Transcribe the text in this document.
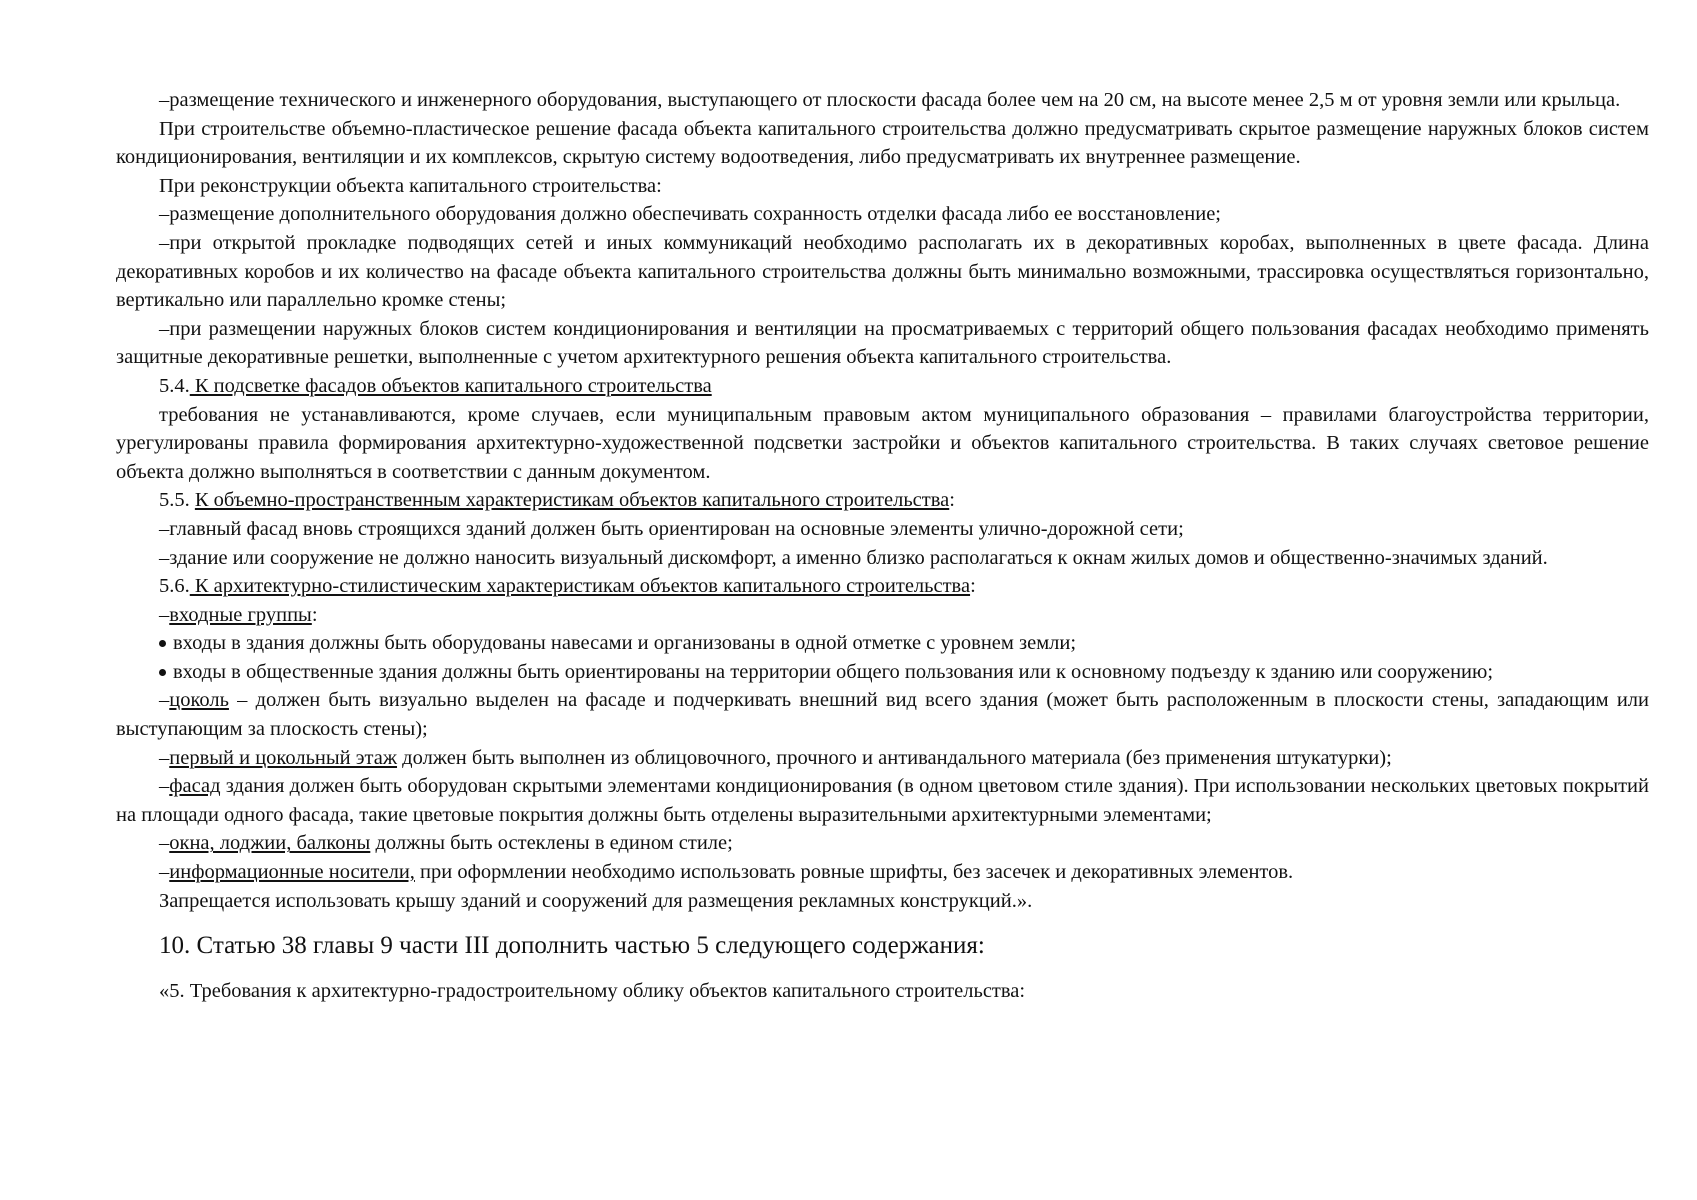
–размещение технического и инженерного оборудования, выступающего от плоскости фасада более чем на 20 см, на высоте менее 2,5 м от уровня земли или крыльца.

При строительстве объемно-пластическое решение фасада объекта капитального строительства должно предусматривать скрытое размещение наружных блоков систем кондиционирования, вентиляции и их комплексов, скрытую систему водоотведения, либо предусматривать их внутреннее размещение.

При реконструкции объекта капитального строительства:

–размещение дополнительного оборудования должно обеспечивать сохранность отделки фасада либо ее восстановление;

–при открытой прокладке подводящих сетей и иных коммуникаций необходимо располагать их в декоративных коробах, выполненных в цвете фасада. Длина декоративных коробов и их количество на фасаде объекта капитального строительства должны быть минимально возможными, трассировка осуществляться горизонтально, вертикально или параллельно кромке стены;

–при размещении наружных блоков систем кондиционирования и вентиляции на просматриваемых с территорий общего пользования фасадах необходимо применять защитные декоративные решетки, выполненные с учетом архитектурного решения объекта капитального строительства.

5.4. К подсветке фасадов объектов капитального строительства

требования не устанавливаются, кроме случаев, если муниципальным правовым актом муниципального образования – правилами благоустройства территории, урегулированы правила формирования архитектурно-художественной подсветки застройки и объектов капитального строительства. В таких случаях световое решение объекта должно выполняться в соответствии с данным документом.

5.5. К объемно-пространственным характеристикам объектов капитального строительства:

–главный фасад вновь строящихся зданий должен быть ориентирован на основные элементы улично-дорожной сети;

–здание или сооружение не должно наносить визуальный дискомфорт, а именно близко располагаться к окнам жилых домов и общественно-значимых зданий.

5.6. К архитектурно-стилистическим характеристикам объектов капитального строительства:

–входные группы:

входы в здания должны быть оборудованы навесами и организованы в одной отметке с уровнем земли;

входы в общественные здания должны быть ориентированы на территории общего пользования или к основному подъезду к зданию или сооружению;

–цоколь – должен быть визуально выделен на фасаде и подчеркивать внешний вид всего здания (может быть расположенным в плоскости стены, западающим или выступающим за плоскость стены);

–первый и цокольный этаж должен быть выполнен из облицовочного, прочного и антивандального материала (без применения штукатурки);

–фасад здания должен быть оборудован скрытыми элементами кондиционирования (в одном цветовом стиле здания). При использовании нескольких цветовых покрытий на площади одного фасада, такие цветовые покрытия должны быть отделены выразительными архитектурными элементами;

–окна, лоджии, балконы должны быть остеклены в едином стиле;

–информационные носители, при оформлении необходимо использовать ровные шрифты, без засечек и декоративных элементов.

Запрещается использовать крышу зданий и сооружений для размещения рекламных конструкций.».

10. Статью 38 главы 9 части III дополнить частью 5 следующего содержания:

«5. Требования к архитектурно-градостроительному облику объектов капитального строительства:
